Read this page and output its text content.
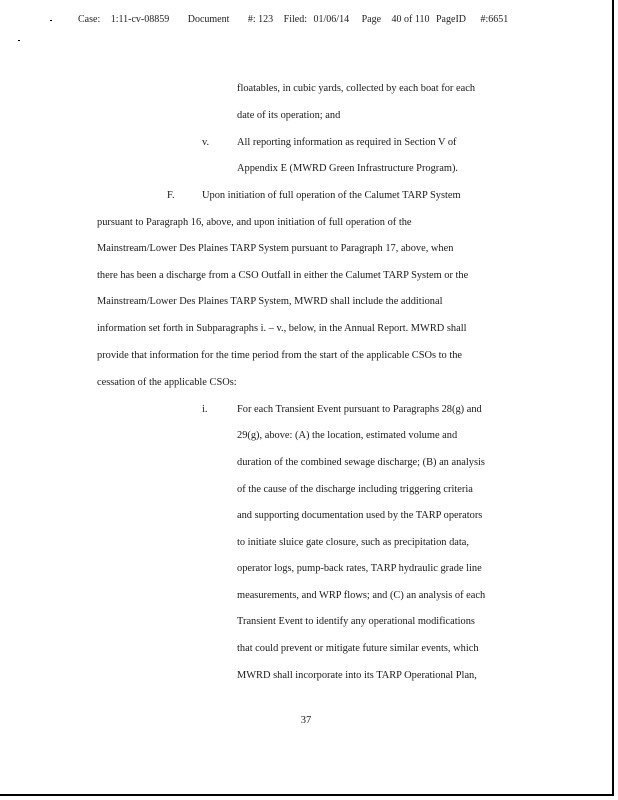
Case: 1:11-cv-08859 Document #: 123 Filed: 01/06/14 Page 40 of 110 PageID #:6651
floatables, in cubic yards, collected by each boat for each
date of its operation; and
v.	All reporting information as required in Section V of
Appendix E (MWRD Green Infrastructure Program).
F.	Upon initiation of full operation of the Calumet TARP System
pursuant to Paragraph 16, above, and upon initiation of full operation of the
Mainstream/Lower Des Plaines TARP System pursuant to Paragraph 17, above, when
there has been a discharge from a CSO Outfall in either the Calumet TARP System or the
Mainstream/Lower Des Plaines TARP System, MWRD shall include the additional
information set forth in Subparagraphs i. – v., below, in the Annual Report. MWRD shall
provide that information for the time period from the start of the applicable CSOs to the
cessation of the applicable CSOs:
i.	For each Transient Event pursuant to Paragraphs 28(g) and
29(g), above: (A) the location, estimated volume and
duration of the combined sewage discharge; (B) an analysis
of the cause of the discharge including triggering criteria
and supporting documentation used by the TARP operators
to initiate sluice gate closure, such as precipitation data,
operator logs, pump-back rates, TARP hydraulic grade line
measurements, and WRP flows; and (C) an analysis of each
Transient Event to identify any operational modifications
that could prevent or mitigate future similar events, which
MWRD shall incorporate into its TARP Operational Plan,
37
